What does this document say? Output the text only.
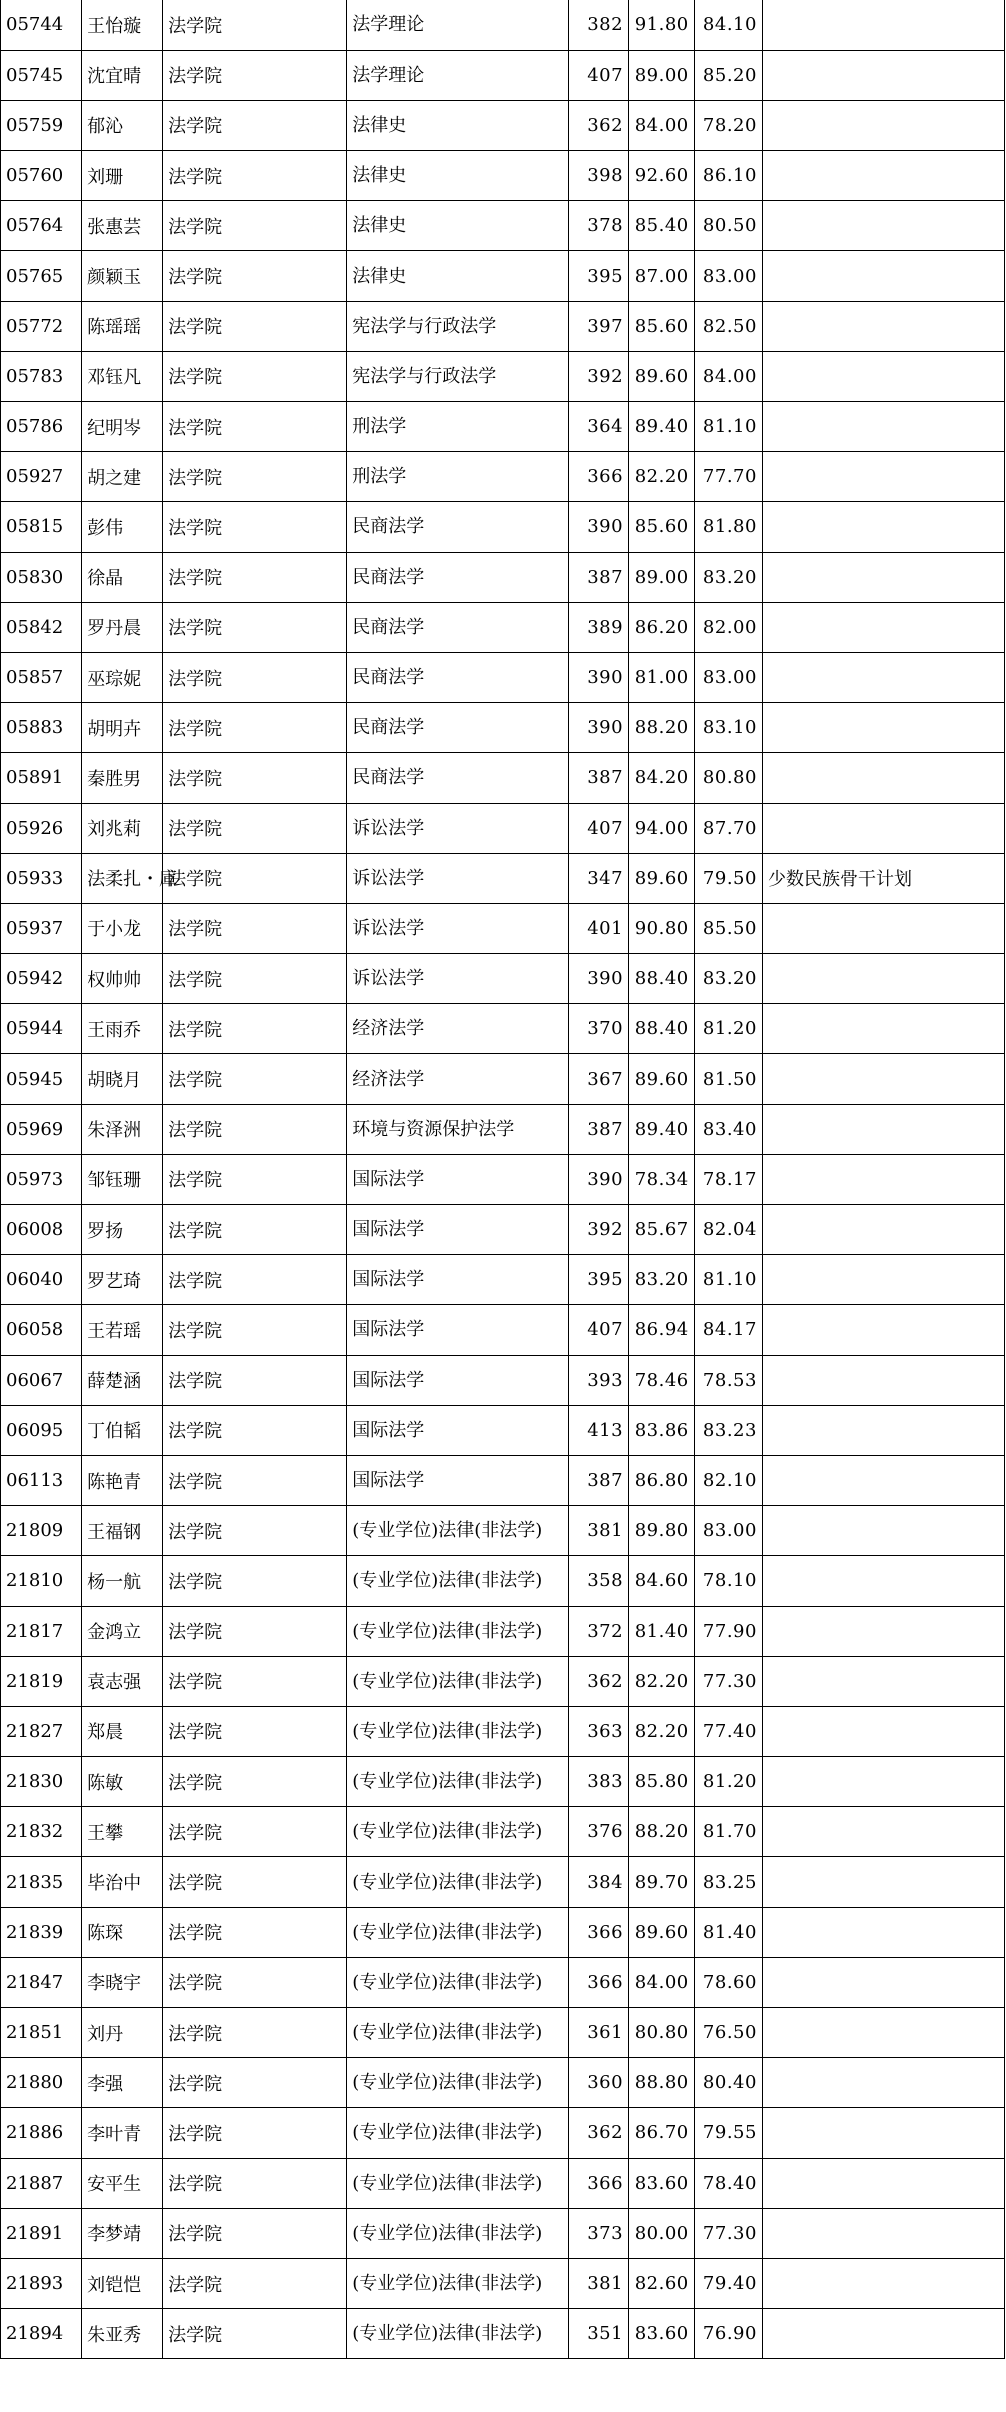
05744	王怡璇	法学院	法学理论	382	91.80	84.10	
05745	沈宜晴	法学院	法学理论	407	89.00	85.20	
05759	郁沁	法学院	法律史	362	84.00	78.20	
05760	刘珊	法学院	法律史	398	92.60	86.10	
05764	张惠芸	法学院	法律史	378	85.40	80.50	
05765	颜颖玉	法学院	法律史	395	87.00	83.00	
05772	陈瑶瑶	法学院	宪法学与行政法学	397	85.60	82.50	
05783	邓钰凡	法学院	宪法学与行政法学	392	89.60	84.00	
05786	纪明岑	法学院	刑法学	364	89.40	81.10	
05927	胡之建	法学院	刑法学	366	82.20	77.70	
05815	彭伟	法学院	民商法学	390	85.60	81.80	
05830	徐晶	法学院	民商法学	387	89.00	83.20	
05842	罗丹晨	法学院	民商法学	389	86.20	82.00	
05857	巫琮妮	法学院	民商法学	390	81.00	83.00	
05883	胡明卉	法学院	民商法学	390	88.20	83.10	
05891	秦胜男	法学院	民商法学	387	84.20	80.80	
05926	刘兆莉	法学院	诉讼法学	407	94.00	87.70	
05933	法柔扎・庫	法学院	诉讼法学	347	89.60	79.50	少数民族骨干计划
05937	于小龙	法学院	诉讼法学	401	90.80	85.50	
05942	权帅帅	法学院	诉讼法学	390	88.40	83.20	
05944	王雨乔	法学院	经济法学	370	88.40	81.20	
05945	胡晓月	法学院	经济法学	367	89.60	81.50	
05969	朱泽洲	法学院	环境与资源保护法学	387	89.40	83.40	
05973	邹钰珊	法学院	国际法学	390	78.34	78.17	
06008	罗扬	法学院	国际法学	392	85.67	82.04	
06040	罗艺琦	法学院	国际法学	395	83.20	81.10	
06058	王若瑶	法学院	国际法学	407	86.94	84.17	
06067	薛楚涵	法学院	国际法学	393	78.46	78.53	
06095	丁伯韬	法学院	国际法学	413	83.86	83.23	
06113	陈艳青	法学院	国际法学	387	86.80	82.10	
21809	王福钢	法学院	(专业学位)法律(非法学)	381	89.80	83.00	
21810	杨一航	法学院	(专业学位)法律(非法学)	358	84.60	78.10	
21817	金鸿立	法学院	(专业学位)法律(非法学)	372	81.40	77.90	
21819	袁志强	法学院	(专业学位)法律(非法学)	362	82.20	77.30	
21827	郑晨	法学院	(专业学位)法律(非法学)	363	82.20	77.40	
21830	陈敏	法学院	(专业学位)法律(非法学)	383	85.80	81.20	
21832	王攀	法学院	(专业学位)法律(非法学)	376	88.20	81.70	
21835	毕治中	法学院	(专业学位)法律(非法学)	384	89.70	83.25	
21839	陈琛	法学院	(专业学位)法律(非法学)	366	89.60	81.40	
21847	李晓宇	法学院	(专业学位)法律(非法学)	366	84.00	78.60	
21851	刘丹	法学院	(专业学位)法律(非法学)	361	80.80	76.50	
21880	李强	法学院	(专业学位)法律(非法学)	360	88.80	80.40	
21886	李叶青	法学院	(专业学位)法律(非法学)	362	86.70	79.55	
21887	安平生	法学院	(专业学位)法律(非法学)	366	83.60	78.40	
21891	李梦靖	法学院	(专业学位)法律(非法学)	373	80.00	77.30	
21893	刘铠恺	法学院	(专业学位)法律(非法学)	381	82.60	79.40	
21894	朱亚秀	法学院	(专业学位)法律(非法学)	351	83.60	76.90	
